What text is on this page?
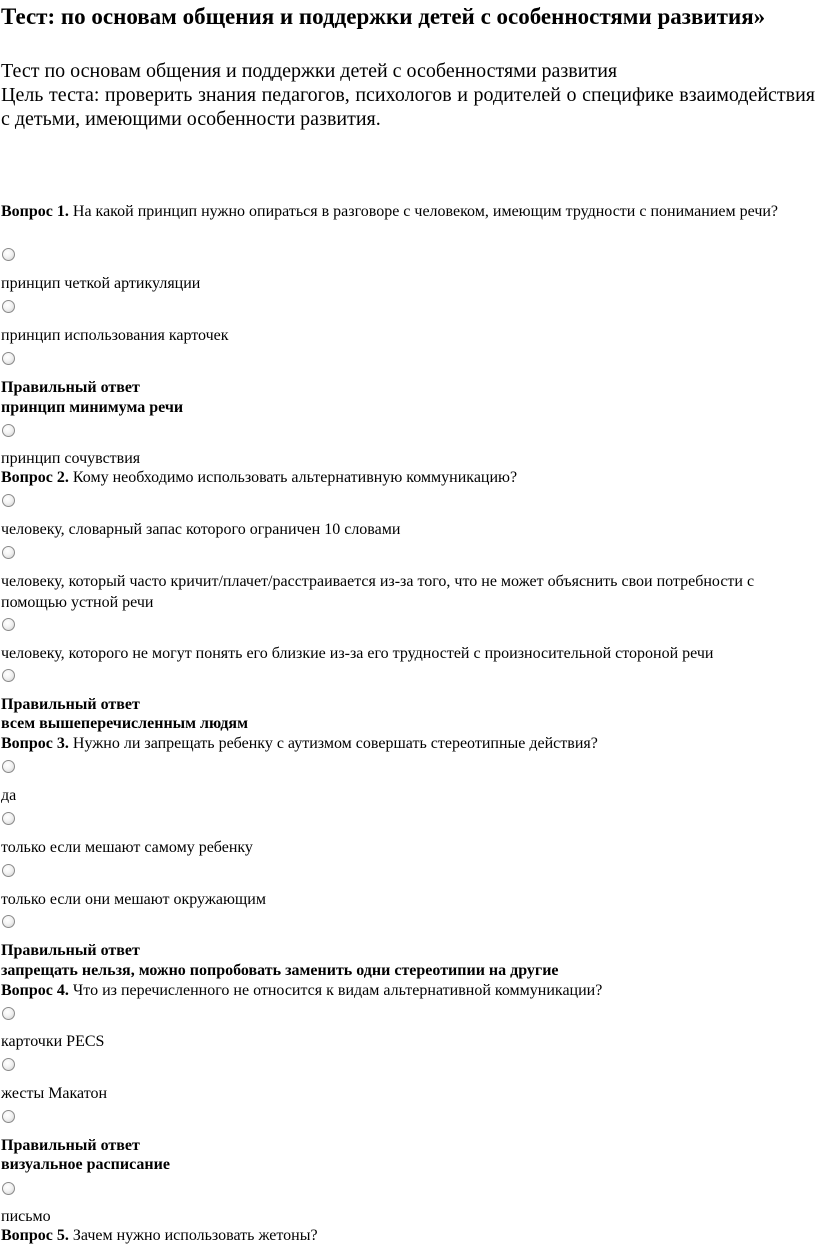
Тест: по основам общения и поддержки детей с особенностями развития»
Тест по основам общения и поддержки детей с особенностями развития
Цель теста: проверить знания педагогов, психологов и родителей о специфике взаимодействия с детьми, имеющими особенности развития.
Вопрос 1. На какой принцип нужно опираться в разговоре с человеком, имеющим трудности с пониманием речи?
принцип четкой артикуляции
принцип использования карточек
Правильный ответ
принцип минимума речи
принцип сочувствия
Вопрос 2. Кому необходимо использовать альтернативную коммуникацию?
человеку, словарный запас которого ограничен 10 словами
человеку, который часто кричит/плачет/расстраивается из-за того, что не может объяснить свои потребности с помощью устной речи
человеку, которого не могут понять его близкие из-за его трудностей с произносительной стороной речи
Правильный ответ
всем вышеперечисленным людям
Вопрос 3. Нужно ли запрещать ребенку с аутизмом совершать стереотипные действия?
да
только если мешают самому ребенку
только если они мешают окружающим
Правильный ответ
запрещать нельзя, можно попробовать заменить одни стереотипии на другие
Вопрос 4. Что из перечисленного не относится к видам альтернативной коммуникации?
карточки PECS
жесты Макатон
Правильный ответ
визуальное расписание
письмо
Вопрос 5. Зачем нужно использовать жетоны?
